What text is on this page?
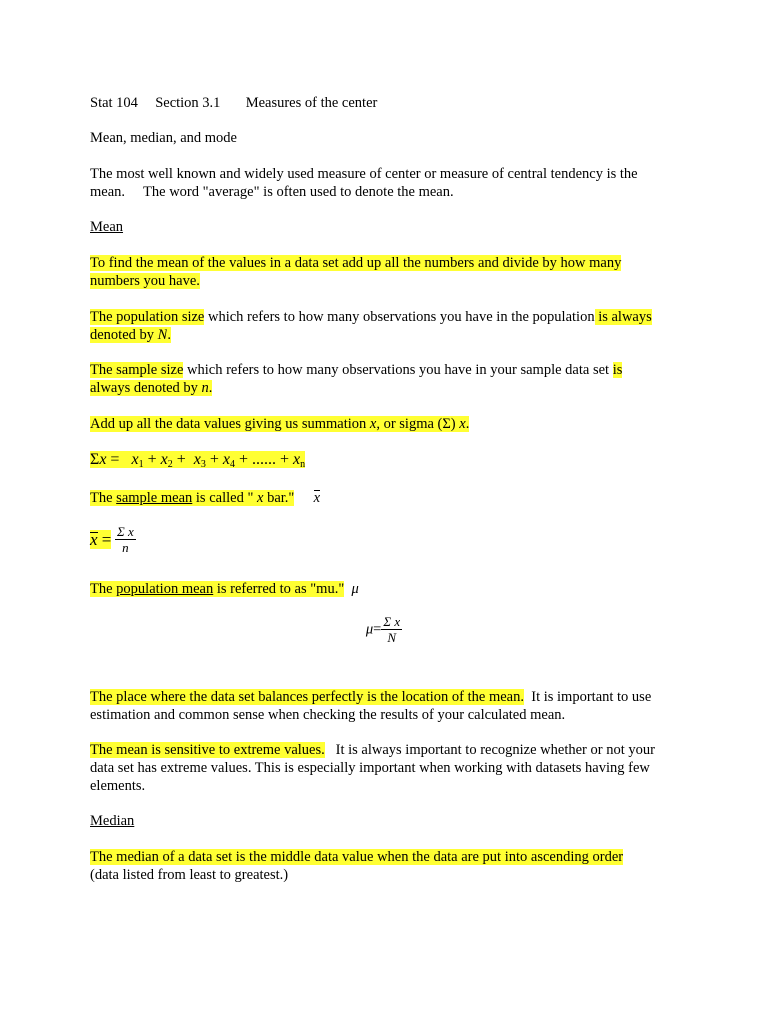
Stat 104 Section 3.1 Measures of the center
Mean, median, and mode
The most well known and widely used measure of center or measure of central tendency is the
mean. The word "average" is often used to denote the mean.
Mean
To find the mean of the values in a data set add up all the numbers and divide by how many numbers you have.
The population size which refers to how many observations you have in the population is always denoted by N.
The sample size which refers to how many observations you have in your sample data set is always denoted by n.
Add up all the data values giving us summation x, or sigma (Σ) x.
$\Sigma x = x_1 + x_2 + x_3 + x_4$ + ...... + $x_n$
The sample mean is called " x bar." x
$x = \frac{\text{Σ x}}{n}$
The population mean is referred to as "mu." μ
$\mu= \frac{\text{Σ x}}{N}$
The place where the data set balances perfectly is the location of the mean. It is important to use
estimation and common sense when checking the results of your calculated mean.
The mean is sensitive to extreme values. It is always important to recognize whether or not your
data set has extreme values. This is especially important when working with datasets having few
elements.
Median
The median of a data set is the middle data value when the data are put into ascending order
(data listed from least to greatest.)
